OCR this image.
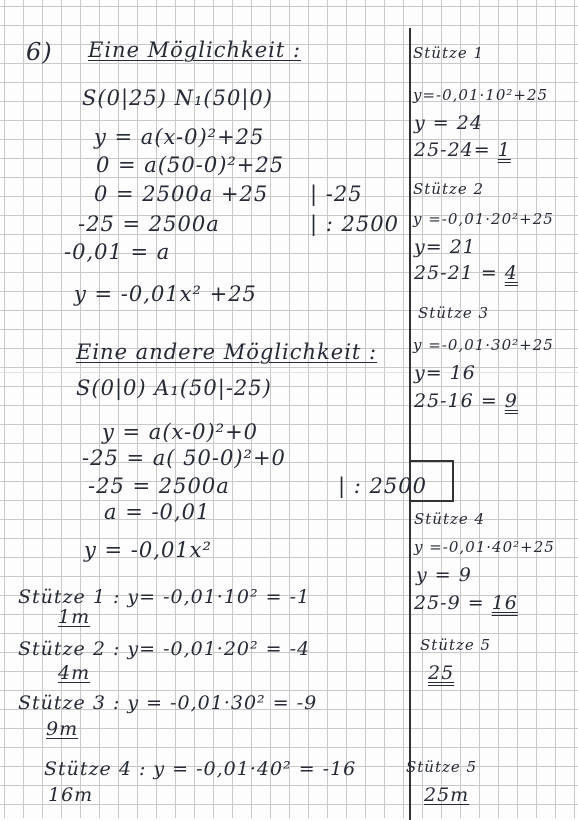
6) Eine Möglichkeit :
S(0|25) N₁(50|0)
y = a(x-0)²+25
0 = a(50-0)²+25
0 = 2500a +25 | -25
-25 = 2500a	| : 2500
-0,01 = a
y = -0,01x² +25
Eine andere Möglichkeit :
S(0|0) A₁(50|-25)
y = a(x-0)²+0
-25 = a( 50-0)²+0
-25 = 2500a	| : 2500
a = -0,01
y = -0,01x²
Stütze 1 : y= -0,01·10² = -1
1m
Stütze 2 : y= -0,01·20² = -4
4m
Stütze 3 : y = -0,01·30² = -9
9m
Stütze 4 : y = -0,01·40² = -16
16m
Stütze 1
y=-0,01·10²+25
y = 24
25-24= 1
Stütze 2
y =-0,01·20²+25
y= 21
25-21 = 4
Stütze 3
y =-0,01·30²+25
y= 16
25-16 = 9
Stütze 4
y =-0,01·40²+25
y = 9
25-9 = 16
Stütze 5
25
Stütze 5
25m
